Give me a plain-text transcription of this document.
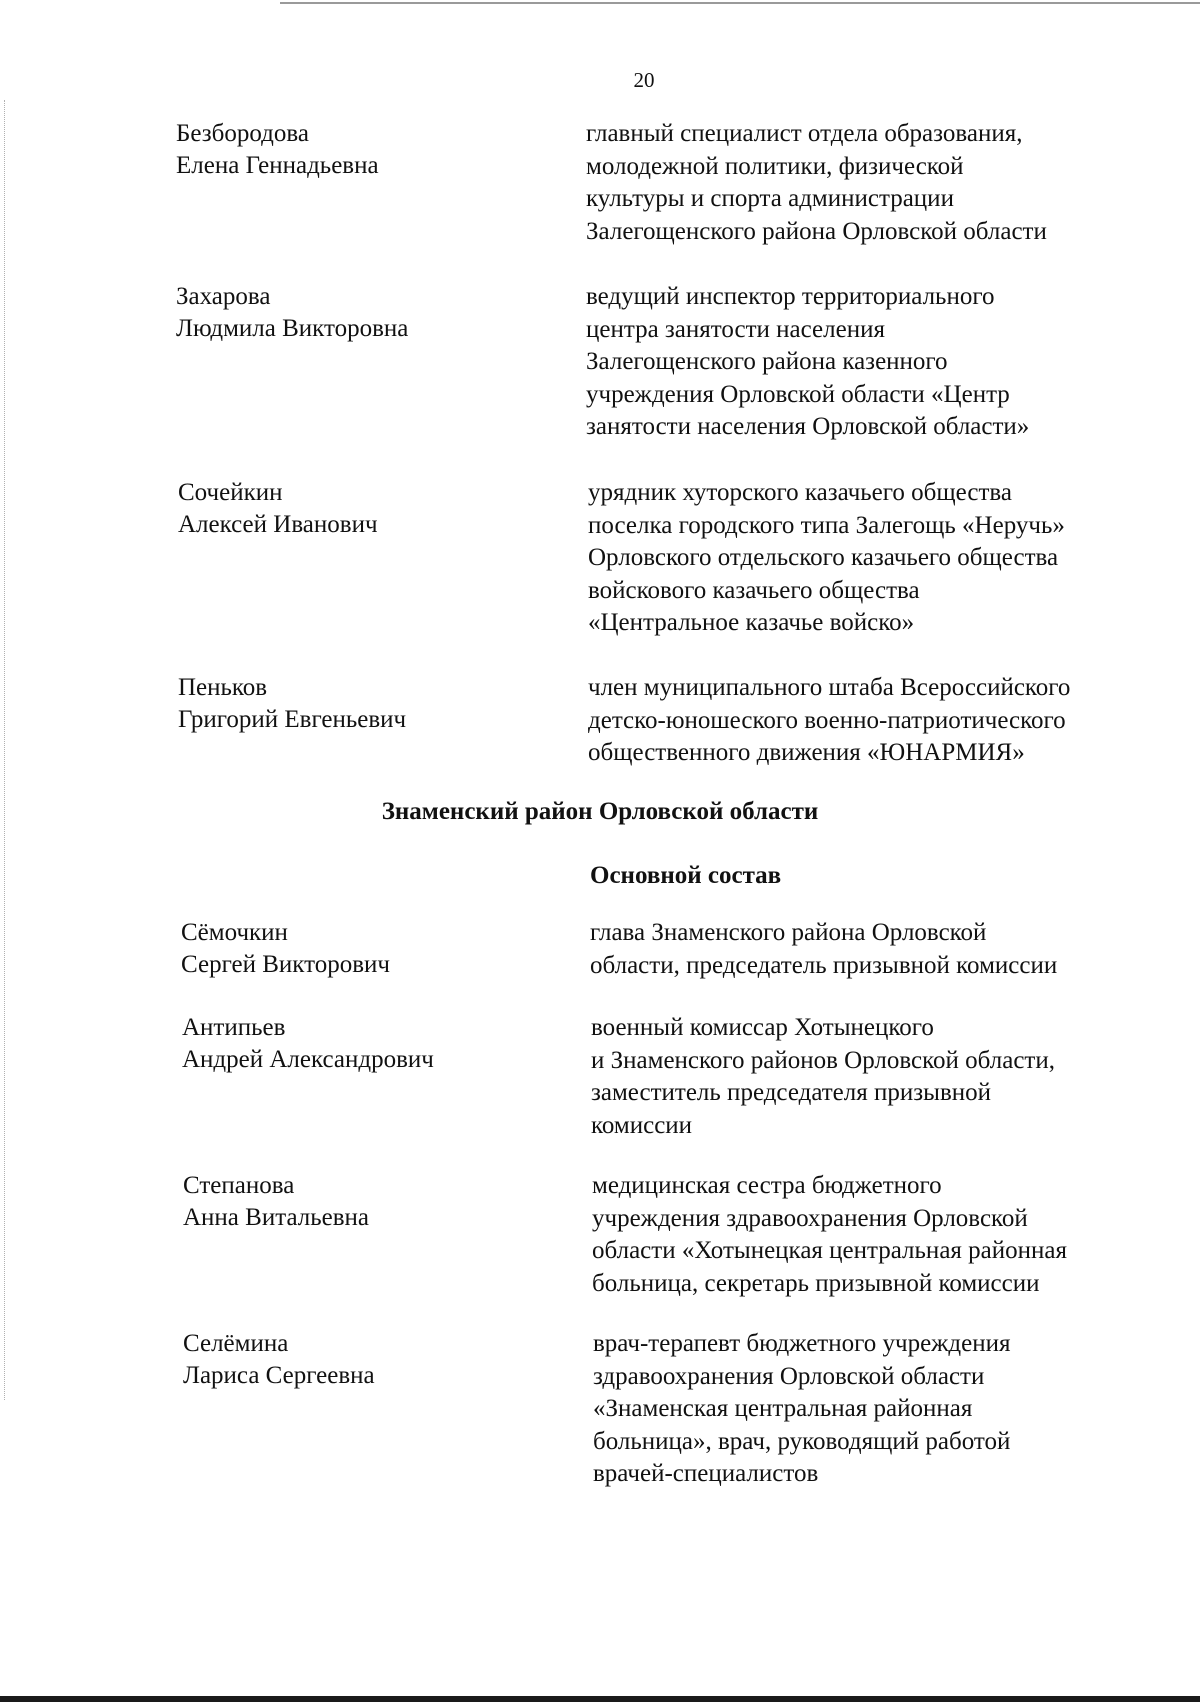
20
Безбородова
Елена Геннадьевна
главный специалист отдела образования,
молодежной политики, физической
культуры и спорта администрации
Залегощенского района Орловской области
Захарова
Людмила Викторовна
ведущий инспектор территориального
центра занятости населения
Залегощенского района казенного
учреждения Орловской области «Центр
занятости населения Орловской области»
Сочейкин
Алексей Иванович
урядник хуторского казачьего общества
поселка городского типа Залегощь «Неручь»
Орловского отдельского казачьего общества
войскового казачьего общества
«Центральное казачье войско»
Пеньков
Григорий Евгеньевич
член муниципального штаба Всероссийского
детско-юношеского военно-патриотического
общественного движения «ЮНАРМИЯ»
Знаменский район Орловской области
Основной состав
Сёмочкин
Сергей Викторович
глава Знаменского района Орловской
области, председатель призывной комиссии
Антипьев
Андрей Александрович
военный комиссар Хотынецкого
и Знаменского районов Орловской области,
заместитель председателя призывной
комиссии
Степанова
Анна Витальевна
медицинская сестра бюджетного
учреждения здравоохранения Орловской
области «Хотынецкая центральная районная
больница, секретарь призывной комиссии
Селёмина
Лариса Сергеевна
врач-терапевт бюджетного учреждения
здравоохранения Орловской области
«Знаменская центральная районная
больница», врач, руководящий работой
врачей-специалистов
